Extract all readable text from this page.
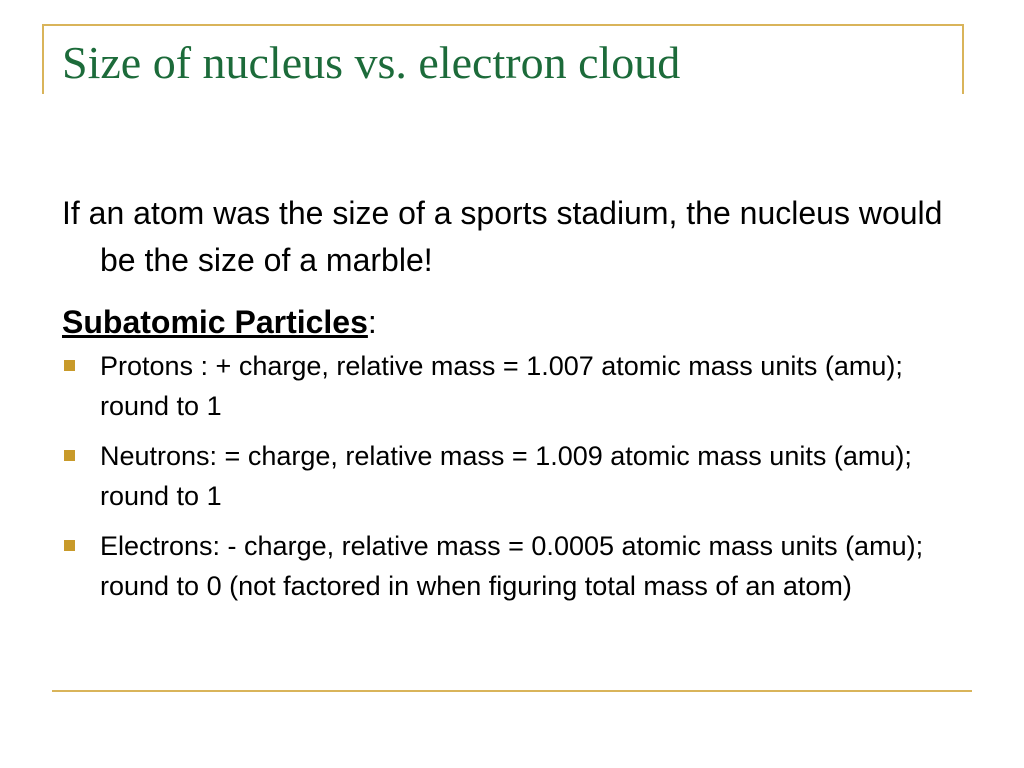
Size of nucleus vs. electron cloud

If an atom was the size of a sports stadium, the nucleus would be the size of a marble!

Subatomic Particles:
Protons : + charge, relative mass = 1.007 atomic mass units (amu); round to 1
Neutrons: = charge, relative mass = 1.009 atomic mass units (amu); round to 1
Electrons: - charge, relative mass = 0.0005 atomic mass units (amu); round to 0 (not factored in when figuring total mass of an atom)
